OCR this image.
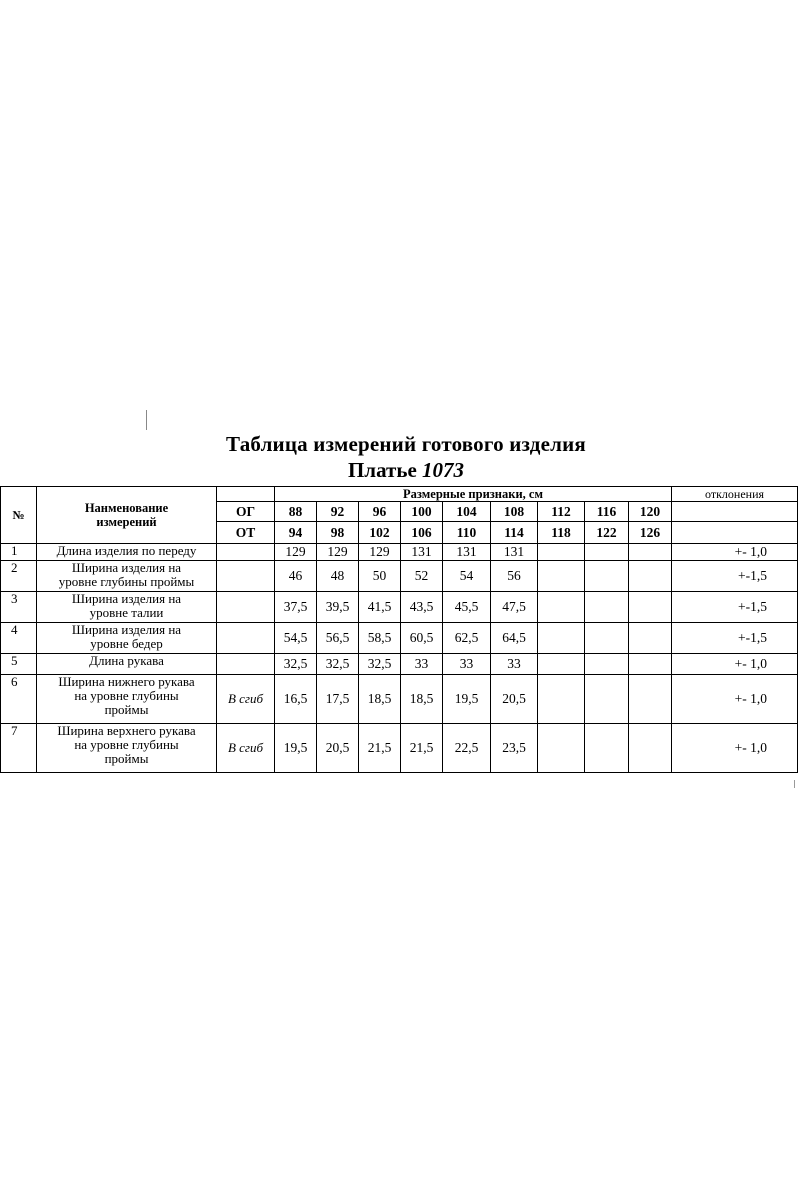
Таблица измерений готового изделия
Платье 1073
№	Нанменование измерений		Размерные признаки, см									отклонения
		ОГ	88	92	96	100	104	108	112	116	120	
		ОТ	94	98	102	106	110	114	118	122	126	
1	Длина изделия по переду		129	129	129	131	131	131				+- 1,0
2	Ширина изделия на уровне глубины проймы		46	48	50	52	54	56				+-1,5
3	Ширина изделия на уровне талии		37,5	39,5	41,5	43,5	45,5	47,5				+-1,5
4	Ширина изделия на уровне бедер		54,5	56,5	58,5	60,5	62,5	64,5				+-1,5
5	Длина рукава		32,5	32,5	32,5	33	33	33				+- 1,0
6	Ширина нижнего рукава на уровне глубины проймы	В сгиб	16,5	17,5	18,5	18,5	19,5	20,5				+- 1,0
7	Ширина верхнего рукава на уровне глубины проймы	В сгиб	19,5	20,5	21,5	21,5	22,5	23,5				+- 1,0
